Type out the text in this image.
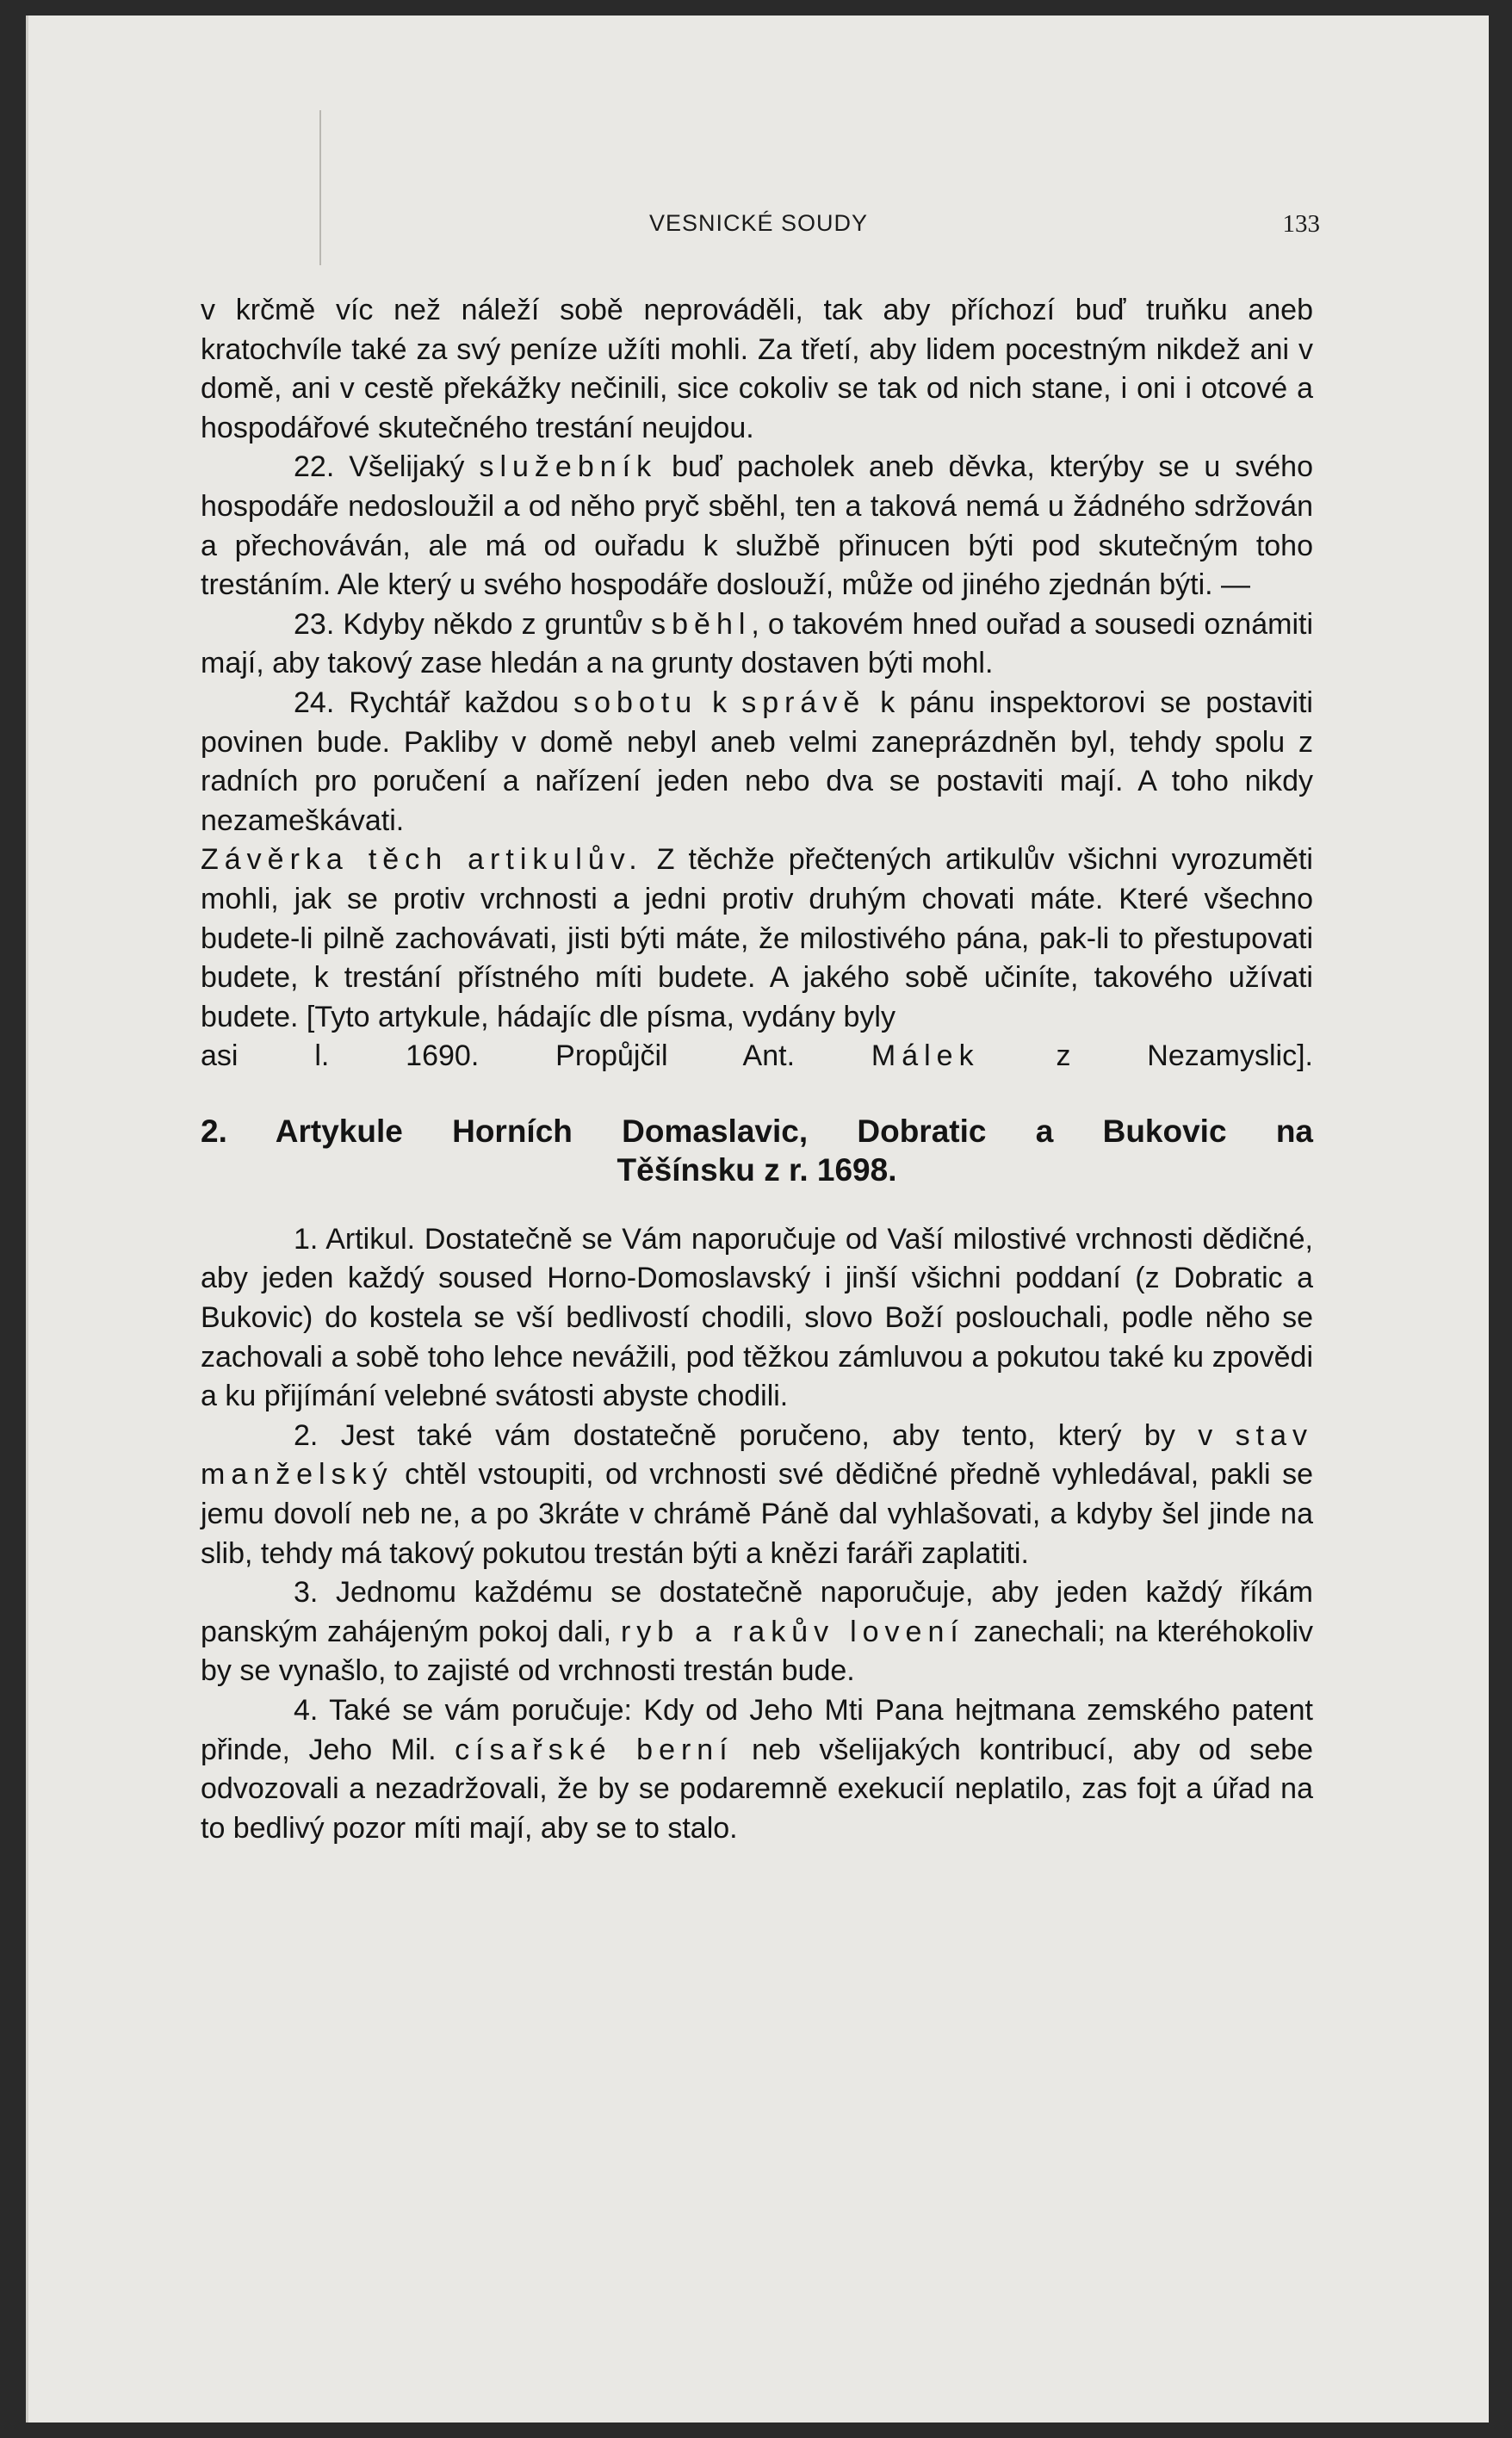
VESNICKÉ SOUDY	133

v krčmě víc než náleží sobě neprováděli, tak aby příchozí buď truňku aneb kratochvíle také za svý peníze užíti mohli. Za třetí, aby lidem pocestným nikdež ani v domě, ani v cestě překážky nečinili, sice cokoliv se tak od nich stane, i oni i otcové a hospodářové skutečného trestání neujdou.

22. Všelijaký služebník buď pacholek aneb děvka, kterýby se u svého hospodáře nedosloužil a od něho pryč sběhl, ten a taková nemá u žádného sdržován a přechováván, ale má od ouřadu k službě přinucen býti pod skutečným toho trestáním. Ale který u svého hospodáře doslouží, může od jiného zjednán býti. —

23. Kdyby někdo z gruntův sběhl, o takovém hned ouřad a sousedi oznámiti mají, aby takový zase hledán a na grunty dostaven býti mohl.

24. Rychtář každou sobotu k správě k pánu inspektorovi se postaviti povinen bude. Pakliby v domě nebyl aneb velmi zaneprázdněn byl, tehdy spolu z radních pro poručení a nařízení jeden nebo dva se postaviti mají. A toho nikdy nezameškávati.

Závěrka těch artikulův. Z těchže přečtených artikulův všichni vyrozuměti mohli, jak se protiv vrchnosti a jedni protiv druhým chovati máte. Které všechno budete-li pilně zachovávati, jisti býti máte, že milostivého pána, pak-li to přestupovati budete, k trestání přístného míti budete. A jakého sobě učiníte, takového užívati budete. [Tyto artykule, hádajíc dle písma, vydány byly

asi l. 1690.	Propůjčil Ant. Málek z Nezamyslic].

2. Artykule Horních Domaslavic, Dobratic a Bukovic na
Těšínsku z r. 1698.

1. Artikul. Dostatečně se Vám naporučuje od Vaší milostivé vrchnosti dědičné, aby jeden každý soused Horno-Domoslavský i jinší všichni poddaní (z Dobratic a Bukovic) do kostela se vší bedlivostí chodili, slovo Boží poslouchali, podle něho se zachovali a sobě toho lehce nevážili, pod těžkou zámluvou a pokutou také ku zpovědi a ku přijímání velebné svátosti abyste chodili.

2. Jest také vám dostatečně poručeno, aby tento, který by v stav manželský chtěl vstoupiti, od vrchnosti své dědičné předně vyhledával, pakli se jemu dovolí neb ne, a po 3kráte v chrámě Páně dal vyhlašovati, a kdyby šel jinde na slib, tehdy má takový pokutou trestán býti a knězi faráři zaplatiti.

3. Jednomu každému se dostatečně naporučuje, aby jeden každý říkám panským zahájeným pokoj dali, ryb a rakův lovení zanechali; na kteréhokoliv by se vynašlo, to zajisté od vrchnosti trestán bude.

4. Také se vám poručuje: Kdy od Jeho Mti Pana hejtmana zemského patent přinde, Jeho Mil. císařské berní neb všelijakých kontribucí, aby od sebe odvozovali a nezadržovali, že by se podaremně exekucií neplatilo, zas fojt a úřad na to bedlivý pozor míti mají, aby se to stalo.
